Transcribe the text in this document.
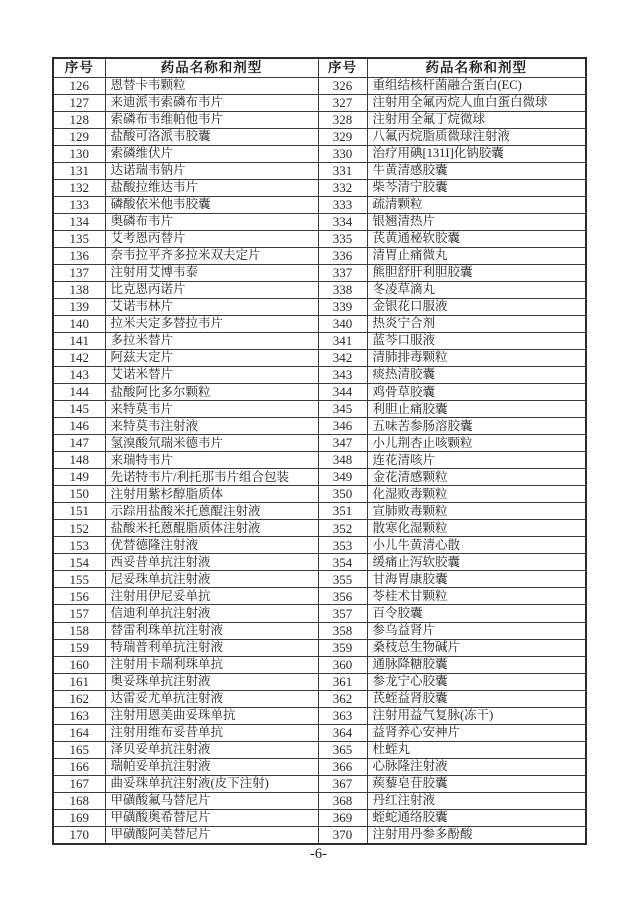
序号	药品名称和剂型	序号	药品名称和剂型
126	恩替卡韦颗粒	326	重组结核杆菌融合蛋白(EC)
127	来迪派韦索磷布韦片	327	注射用全氟丙烷人血白蛋白微球
128	索磷布韦维帕他韦片	328	注射用全氟丁烷微球
129	盐酸可洛派韦胶囊	329	八氟丙烷脂质微球注射液
130	索磷维伏片	330	治疗用碘[131I]化钠胶囊
131	达诺瑞韦钠片	331	牛黄清感胶囊
132	盐酸拉维达韦片	332	柴芩清宁胶囊
133	磷酸依米他韦胶囊	333	疏清颗粒
134	奥磷布韦片	334	银翘清热片
135	艾考恩丙替片	335	芪黄通秘软胶囊
136	奈韦拉平齐多拉米双夫定片	336	清胃止痛微丸
137	注射用艾博韦泰	337	熊胆舒肝利胆胶囊
138	比克恩丙诺片	338	冬凌草滴丸
139	艾诺韦林片	339	金银花口服液
140	拉米夫定多替拉韦片	340	热炎宁合剂
141	多拉米替片	341	蓝芩口服液
142	阿兹夫定片	342	清肺排毒颗粒
143	艾诺米替片	343	痰热清胶囊
144	盐酸阿比多尔颗粒	344	鸡骨草胶囊
145	来特莫韦片	345	利胆止痛胶囊
146	来特莫韦注射液	346	五味苦参肠溶胶囊
147	氢溴酸氘瑞米德韦片	347	小儿荆杏止咳颗粒
148	来瑞特韦片	348	连花清咳片
149	先诺特韦片/利托那韦片组合包装	349	金花清感颗粒
150	注射用紫杉醇脂质体	350	化湿败毒颗粒
151	示踪用盐酸米托蒽醌注射液	351	宣肺败毒颗粒
152	盐酸米托蒽醌脂质体注射液	352	散寒化湿颗粒
153	优替德隆注射液	353	小儿牛黄清心散
154	西妥昔单抗注射液	354	缓痛止泻软胶囊
155	尼妥珠单抗注射液	355	甘海胃康胶囊
156	注射用伊尼妥单抗	356	苓桂术甘颗粒
157	信迪利单抗注射液	357	百令胶囊
158	替雷利珠单抗注射液	358	参乌益肾片
159	特瑞普利单抗注射液	359	桑枝总生物碱片
160	注射用卡瑞利珠单抗	360	通脉降糖胶囊
161	奥妥珠单抗注射液	361	参龙宁心胶囊
162	达雷妥尤单抗注射液	362	芪蛭益肾胶囊
163	注射用恩美曲妥珠单抗	363	注射用益气复脉(冻干)
164	注射用维布妥昔单抗	364	益肾养心安神片
165	泽贝妥单抗注射液	365	杜蛭丸
166	瑞帕妥单抗注射液	366	心脉隆注射液
167	曲妥珠单抗注射液(皮下注射)	367	蒺藜皂苷胶囊
168	甲磺酸氟马替尼片	368	丹红注射液
169	甲磺酸奥希替尼片	369	蛭蛇通络胶囊
170	甲磺酸阿美替尼片	370	注射用丹参多酚酸
-6-
